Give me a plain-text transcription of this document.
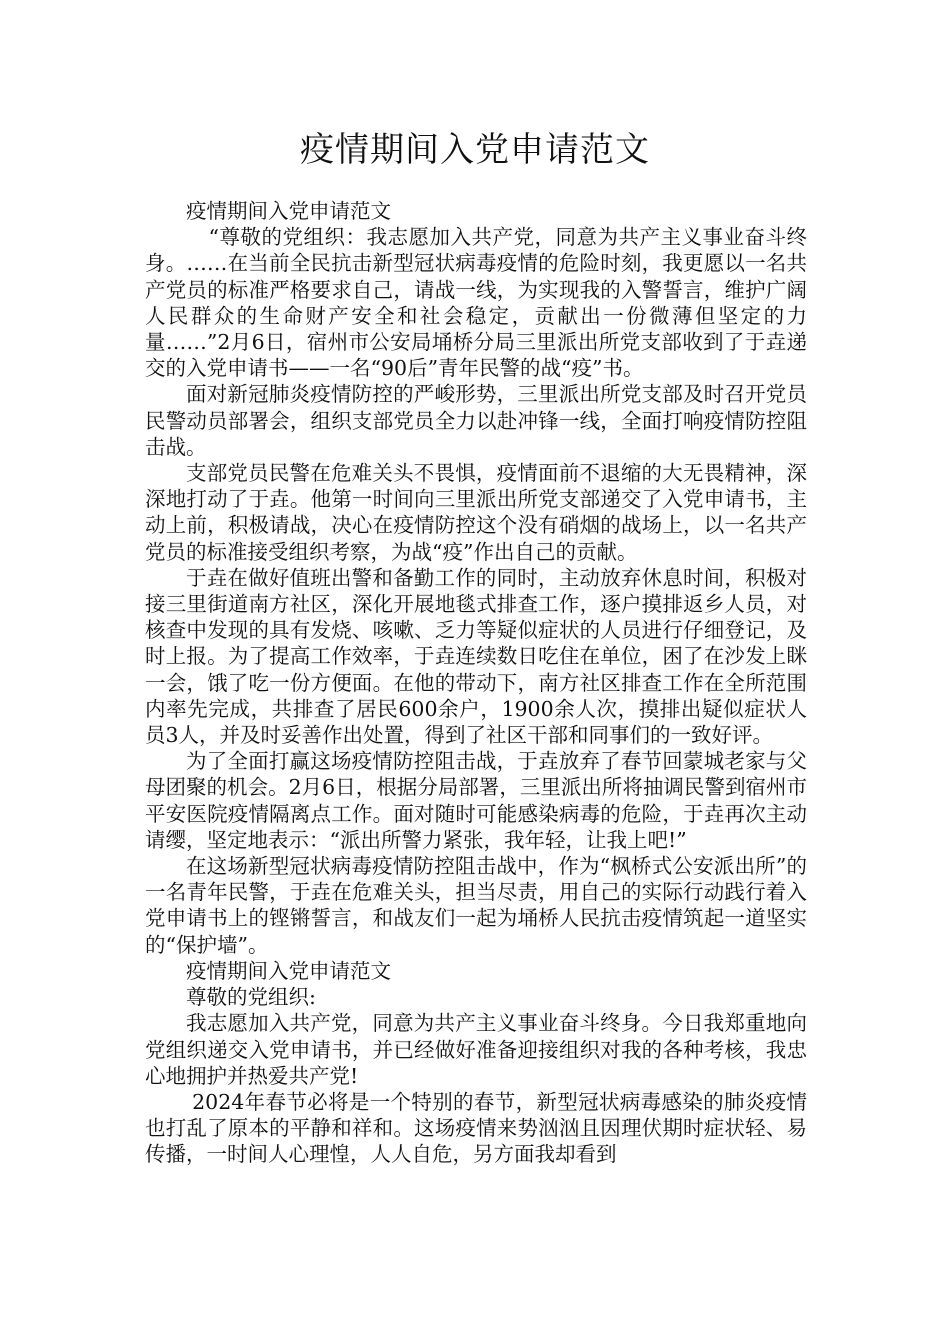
疫情期间入党申请范文

疫情期间入党申请范文

“尊敬的党组织：我志愿加入共产党，同意为共产主义事业奋斗终身。……在当前全民抗击新型冠状病毒疫情的危险时刻，我更愿以一名共产党员的标准严格要求自己，请战一线，为实现我的入警誓言，维护广阔人民群众的生命财产安全和社会稳定，贡献出一份微薄但坚定的力量……”2月6日，宿州市公安局埇桥分局三里派出所党支部收到了于垚递交的入党申请书——一名“90后”青年民警的战“疫”书。

面对新冠肺炎疫情防控的严峻形势，三里派出所党支部及时召开党员民警动员部署会，组织支部党员全力以赴冲锋一线，全面打响疫情防控阻击战。

支部党员民警在危难关头不畏惧，疫情面前不退缩的大无畏精神，深深地打动了于垚。他第一时间向三里派出所党支部递交了入党申请书，主动上前，积极请战，决心在疫情防控这个没有硝烟的战场上，以一名共产党员的标准接受组织考察，为战“疫”作出自己的贡献。

于垚在做好值班出警和备勤工作的同时，主动放弃休息时间，积极对接三里街道南方社区，深化开展地毯式排查工作，逐户摸排返乡人员，对核查中发现的具有发烧、咳嗽、乏力等疑似症状的人员进行仔细登记，及时上报。为了提高工作效率，于垚连续数日吃住在单位，困了在沙发上眯一会，饿了吃一份方便面。在他的带动下，南方社区排查工作在全所范围内率先完成，共排查了居民600余户，1900余人次，摸排出疑似症状人员3人，并及时妥善作出处置，得到了社区干部和同事们的一致好评。

为了全面打赢这场疫情防控阻击战，于垚放弃了春节回蒙城老家与父母团聚的机会。2月6日，根据分局部署，三里派出所将抽调民警到宿州市平安医院疫情隔离点工作。面对随时可能感染病毒的危险，于垚再次主动请缨，坚定地表示：“派出所警力紧张，我年轻，让我上吧!”

在这场新型冠状病毒疫情防控阻击战中，作为“枫桥式公安派出所”的一名青年民警，于垚在危难关头，担当尽责，用自己的实际行动践行着入党申请书上的铿锵誓言，和战友们一起为埇桥人民抗击疫情筑起一道坚实的“保护墙”。

疫情期间入党申请范文

尊敬的党组织:

我志愿加入共产党，同意为共产主义事业奋斗终身。今日我郑重地向党组织递交入党申请书，并已经做好准备迎接组织对我的各种考核，我忠心地拥护并热爱共产党!

2024年春节必将是一个特别的春节，新型冠状病毒感染的肺炎疫情也打乱了原本的平静和祥和。这场疫情来势汹汹且因理伏期时症状轻、易传播，一时间人心理惶，人人自危，另方面我却看到
